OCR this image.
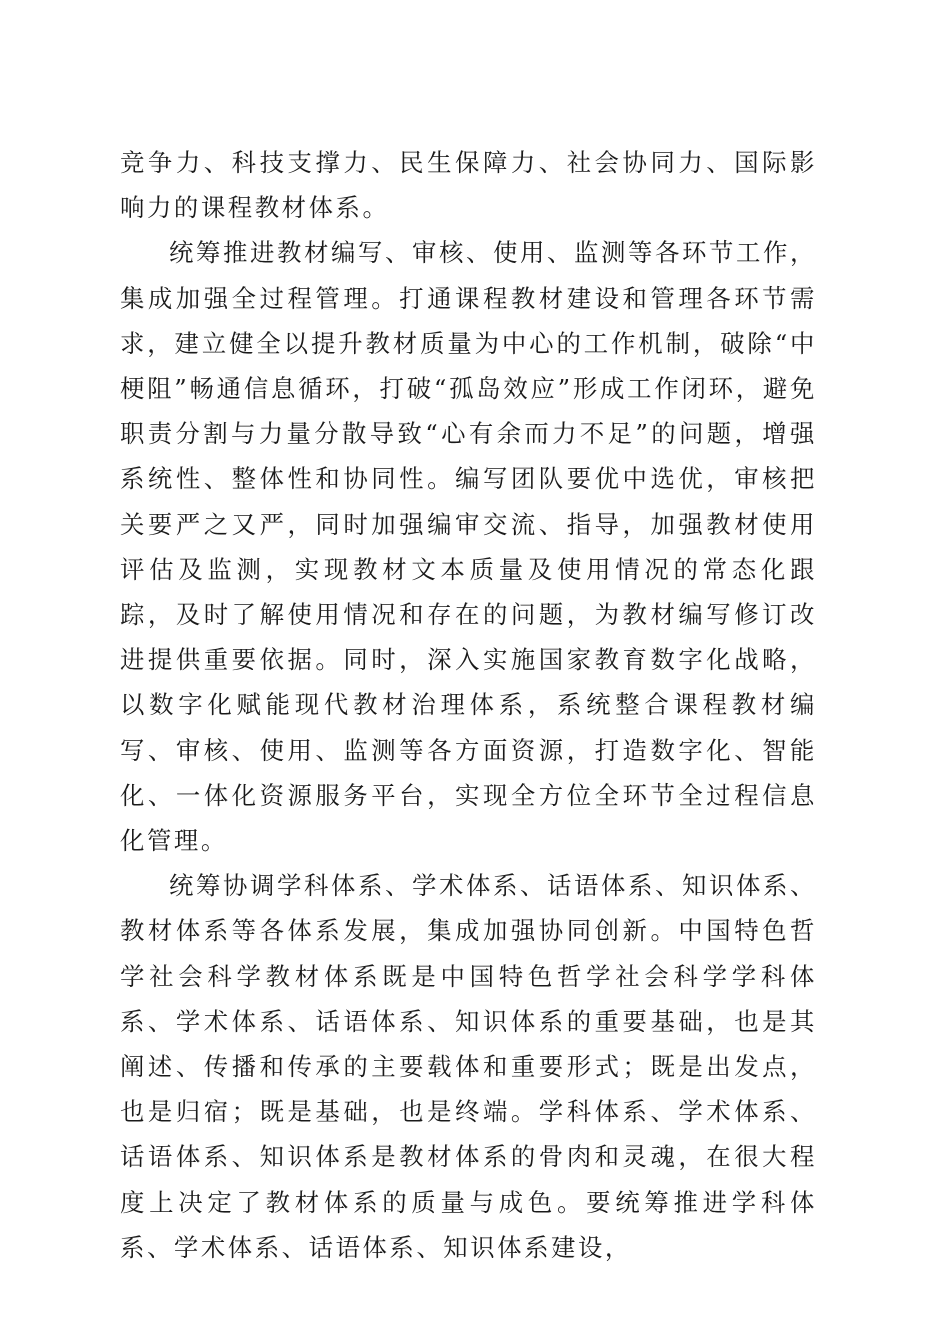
竞争力、科技支撑力、民生保障力、社会协同力、国际影响力的课程教材体系。

统筹推进教材编写、审核、使用、监测等各环节工作，集成加强全过程管理。打通课程教材建设和管理各环节需求，建立健全以提升教材质量为中心的工作机制，破除“中梗阻”畅通信息循环，打破“孤岛效应”形成工作闭环，避免职责分割与力量分散导致“心有余而力不足”的问题，增强系统性、整体性和协同性。编写团队要优中选优，审核把关要严之又严，同时加强编审交流、指导，加强教材使用评估及监测，实现教材文本质量及使用情况的常态化跟踪，及时了解使用情况和存在的问题，为教材编写修订改进提供重要依据。同时，深入实施国家教育数字化战略，以数字化赋能现代教材治理体系，系统整合课程教材编写、审核、使用、监测等各方面资源，打造数字化、智能化、一体化资源服务平台，实现全方位全环节全过程信息化管理。

统筹协调学科体系、学术体系、话语体系、知识体系、教材体系等各体系发展，集成加强协同创新。中国特色哲学社会科学教材体系既是中国特色哲学社会科学学科体系、学术体系、话语体系、知识体系的重要基础，也是其阐述、传播和传承的主要载体和重要形式；既是出发点，也是归宿；既是基础，也是终端。学科体系、学术体系、话语体系、知识体系是教材体系的骨肉和灵魂，在很大程度上决定了教材体系的质量与成色。要统筹推进学科体系、学术体系、话语体系、知识体系建设，
